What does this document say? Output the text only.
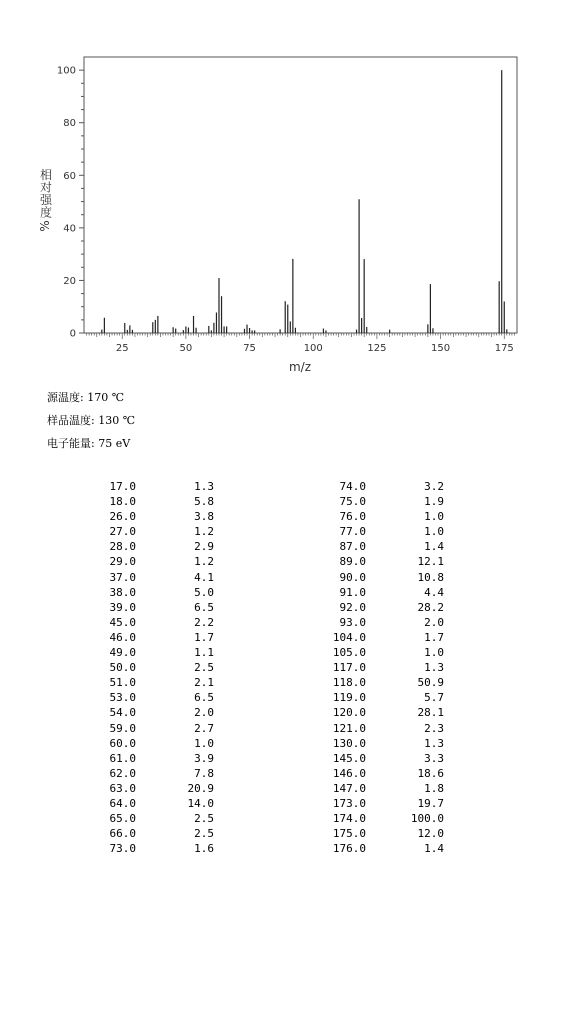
0
20
40
60
80
100
25	50	75	100	125	150	175
m/z
相
对
强
度
%
源温度: 170 ℃
样品温度: 130 ℃
电子能量: 75 eV
17.0	1.3
18.0	5.8
26.0	3.8
27.0	1.2
28.0	2.9
29.0	1.2
37.0	4.1
38.0	5.0
39.0	6.5
45.0	2.2
46.0	1.7
49.0	1.1
50.0	2.5
51.0	2.1
53.0	6.5
54.0	2.0
59.0	2.7
60.0	1.0
61.0	3.9
62.0	7.8
63.0	20.9
64.0	14.0
65.0	2.5
66.0	2.5
73.0	1.6
74.0	3.2
75.0	1.9
76.0	1.0
77.0	1.0
87.0	1.4
89.0	12.1
90.0	10.8
91.0	4.4
92.0	28.2
93.0	2.0
104.0	1.7
105.0	1.0
117.0	1.3
118.0	50.9
119.0	5.7
120.0	28.1
121.0	2.3
130.0	1.3
145.0	3.3
146.0	18.6
147.0	1.8
173.0	19.7
174.0	100.0
175.0	12.0
176.0	1.4
